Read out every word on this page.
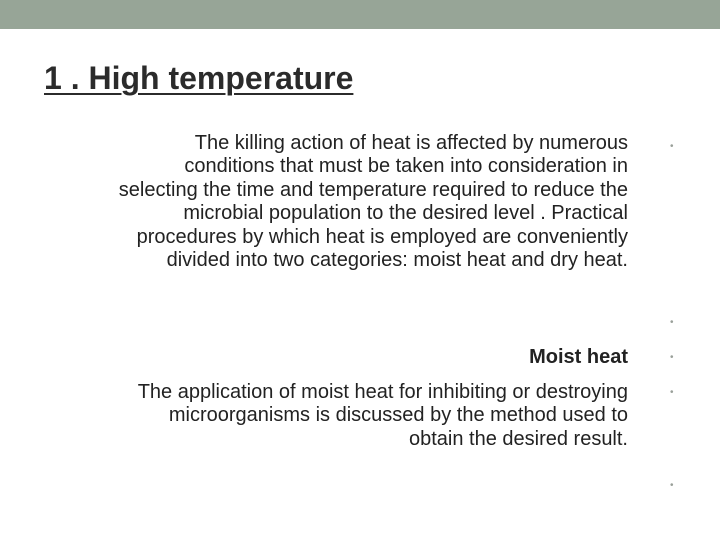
1 . High temperature

The killing action of heat is affected by numerous
conditions that must be taken into consideration in
selecting the time and temperature required to reduce the
microbial population to the desired level . Practical
procedures by which heat is employed are conveniently
divided into two categories: moist heat and dry heat.

Moist heat

The application of moist heat for inhibiting or destroying
microorganisms is discussed by the method used to
obtain the desired result.

•
•
•
•
•
